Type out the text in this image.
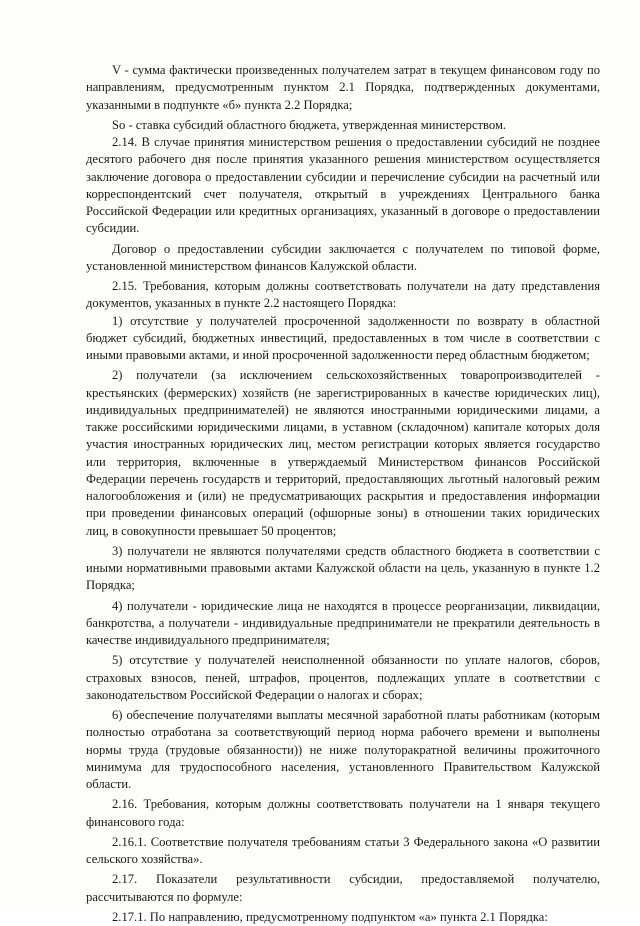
V - сумма фактически произведенных получателем затрат в текущем финансовом году по направлениям, предусмотренным пунктом 2.1 Порядка, подтвержденных документами, указанными в подпункте «б» пункта 2.2 Порядка;

So - ставка субсидий областного бюджета, утвержденная министерством.

2.14. В случае принятия министерством решения о предоставлении субсидий не позднее десятого рабочего дня после принятия указанного решения министерством осуществляется заключение договора о предоставлении субсидии и перечисление субсидии на расчетный или корреспондентский счет получателя, открытый в учреждениях Центрального банка Российской Федерации или кредитных организациях, указанный в договоре о предоставлении субсидии.

Договор о предоставлении субсидии заключается с получателем по типовой форме, установленной министерством финансов Калужской области.

2.15. Требования, которым должны соответствовать получатели на дату представления документов, указанных в пункте 2.2 настоящего Порядка:

1) отсутствие у получателей просроченной задолженности по возврату в областной бюджет субсидий, бюджетных инвестиций, предоставленных в том числе в соответствии с иными правовыми актами, и иной просроченной задолженности перед областным бюджетом;

2) получатели (за исключением сельскохозяйственных товаропроизводителей - крестьянских (фермерских) хозяйств (не зарегистрированных в качестве юридических лиц), индивидуальных предпринимателей) не являются иностранными юридическими лицами, а также российскими юридическими лицами, в уставном (складочном) капитале которых доля участия иностранных юридических лиц, местом регистрации которых является государство или территория, включенные в утверждаемый Министерством финансов Российской Федерации перечень государств и территорий, предоставляющих льготный налоговый режим налогообложения и (или) не предусматривающих раскрытия и предоставления информации при проведении финансовых операций (офшорные зоны) в отношении таких юридических лиц, в совокупности превышает 50 процентов;

3) получатели не являются получателями средств областного бюджета в соответствии с иными нормативными правовыми актами Калужской области на цель, указанную в пункте 1.2 Порядка;

4) получатели - юридические лица не находятся в процессе реорганизации, ликвидации, банкротства, а получатели - индивидуальные предприниматели не прекратили деятельность в качестве индивидуального предпринимателя;

5) отсутствие у получателей неисполненной обязанности по уплате налогов, сборов, страховых взносов, пеней, штрафов, процентов, подлежащих уплате в соответствии с законодательством Российской Федерации о налогах и сборах;

6) обеспечение получателями выплаты месячной заработной платы работникам (которым полностью отработана за соответствующий период норма рабочего времени и выполнены нормы труда (трудовые обязанности)) не ниже полуторакратной величины прожиточного минимума для трудоспособного населения, установленного Правительством Калужской области.

2.16. Требования, которым должны соответствовать получатели на 1 января текущего финансового года:

2.16.1. Соответствие получателя требованиям статьи 3 Федерального закона «О развитии сельского хозяйства».

2.17. Показатели результативности субсидии, предоставляемой получателю, рассчитываются по формуле:

2.17.1. По направлению, предусмотренному подпунктом «а» пункта 2.1 Порядка:
